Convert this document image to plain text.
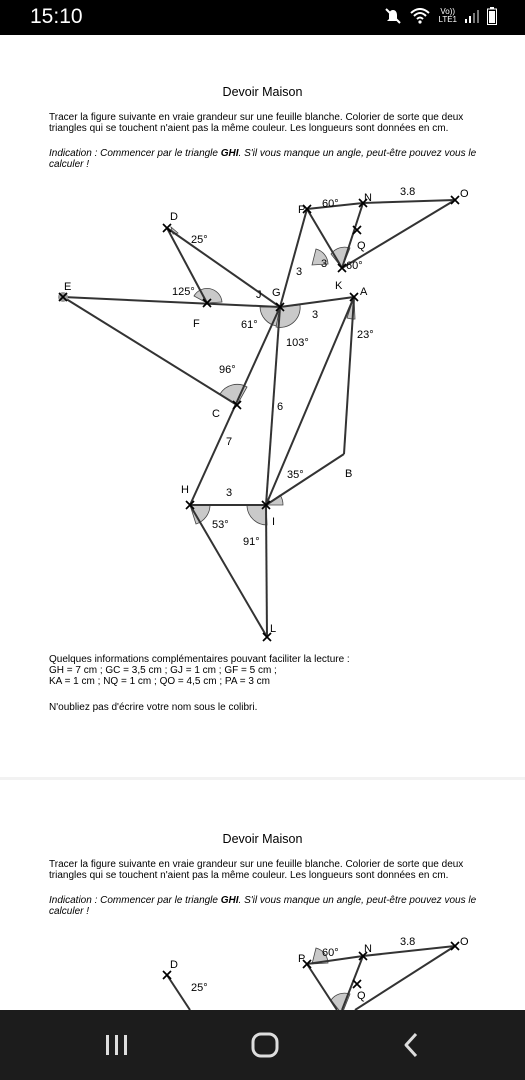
15:10	Vo))
LTE1
Devoir Maison
Tracer la figure suivante en vraie grandeur sur une feuille blanche. Colorier de sorte que deux triangles qui se touchent n'aient pas la même couleur. Les longueurs sont données en cm.
Indication : Commencer par le triangle GHI. S'il vous manque un angle, peut-être pouvez vous le calculer !
D
E
F
J G
P
N	O
Q
K A
C
H
I
B
L
3.8
3
3
3
6
7
3
60°
60°
25°
125°
61°
103°
23°
96°
35°
53°
91°
Quelques informations complémentaires pouvant faciliter la lecture :
GH = 7 cm ; GC = 3,5 cm ; GJ = 1 cm ; GF = 5 cm ;
KA = 1 cm ; NQ = 1 cm ; QO = 4,5 cm ; PA = 3 cm
N'oubliez pas d'écrire votre nom sous le colibri.
Devoir Maison
Tracer la figure suivante en vraie grandeur sur une feuille blanche. Colorier de sorte que deux triangles qui se touchent n'aient pas la même couleur. Les longueurs sont données en cm.
Indication : Commencer par le triangle GHI. S'il vous manque un angle, peut-être pouvez vous le calculer !
D	P
N
O
Q
3.8
60°
25°
